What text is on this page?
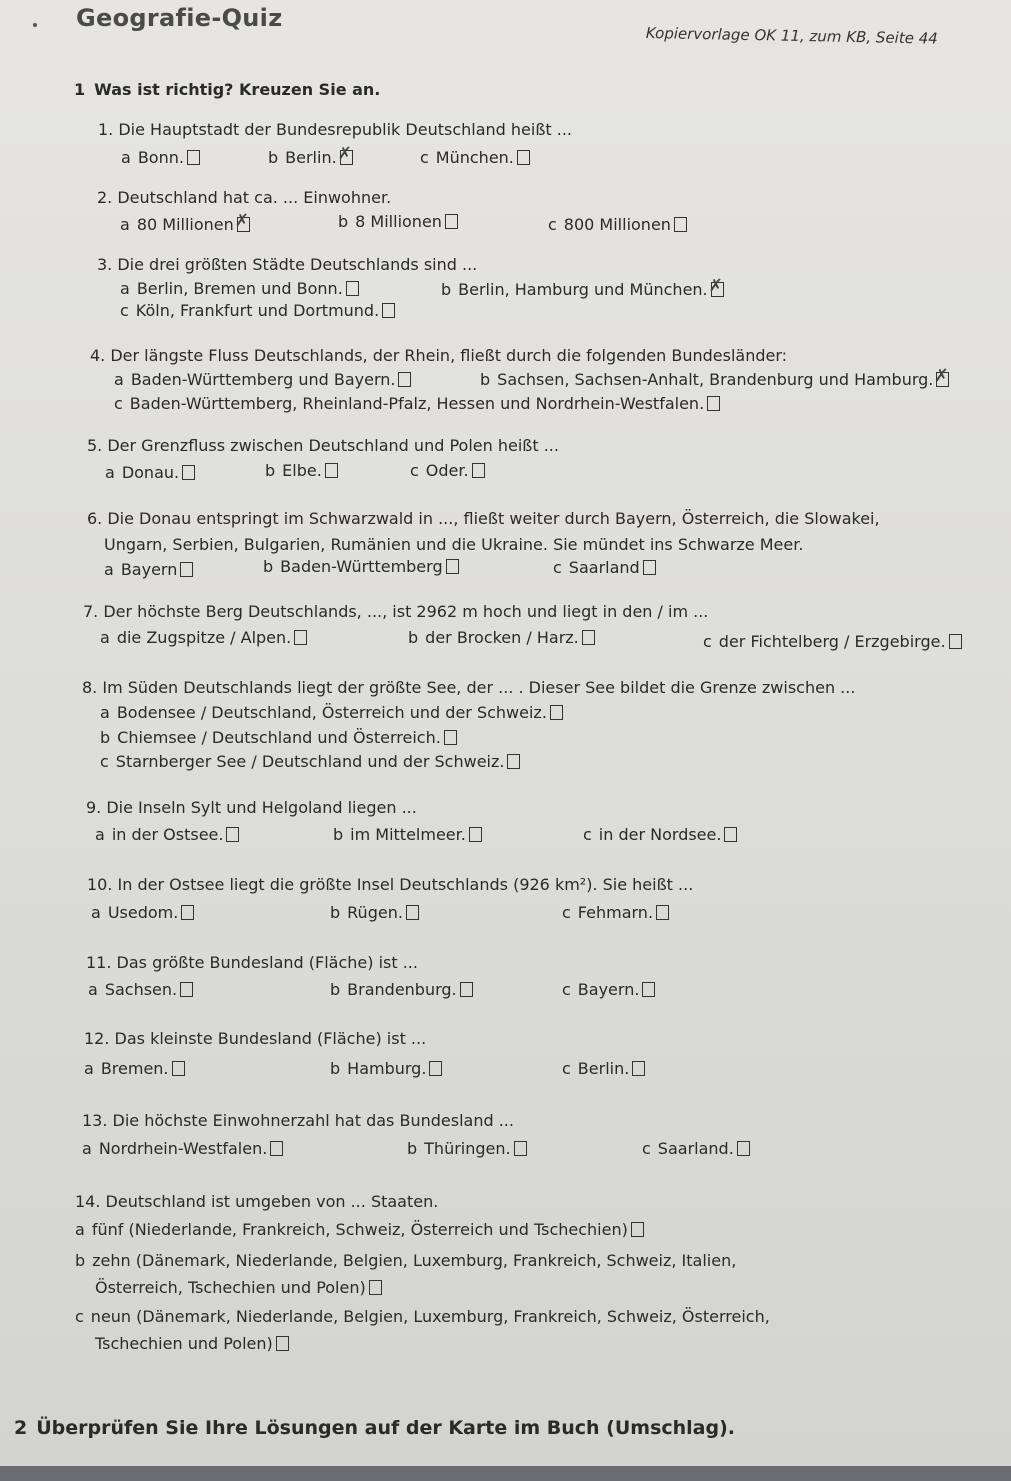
Geografie-Quiz
Kopiervorlage OK 11, zum KB, Seite 44
1 Was ist richtig? Kreuzen Sie an.
1. Die Hauptstadt der Bundesrepublik Deutschland heißt ...
a Bonn.	b Berlin. ✗	c München.
2. Deutschland hat ca. ... Einwohner.
a 80 Millionen ✗	b 8 Millionen	c 800 Millionen
3. Die drei größten Städte Deutschlands sind ...
a Berlin, Bremen und Bonn.	b Berlin, Hamburg und München.✗
c Köln, Frankfurt und Dortmund.
4. Der längste Fluss Deutschlands, der Rhein, fließt durch die folgenden Bundesländer:
a Baden-Württemberg und Bayern.	b Sachsen, Sachsen-Anhalt, Brandenburg und Hamburg.✗
c Baden-Württemberg, Rheinland-Pfalz, Hessen und Nordrhein-Westfalen.
5. Der Grenzfluss zwischen Deutschland und Polen heißt ...
a Donau.	b Elbe.	c Oder.
6. Die Donau entspringt im Schwarzwald in ..., fließt weiter durch Bayern, Österreich, die Slowakei,
Ungarn, Serbien, Bulgarien, Rumänien und die Ukraine. Sie mündet ins Schwarze Meer.
a Bayern	b Baden-Württemberg	c Saarland
7. Der höchste Berg Deutschlands, ..., ist 2962 m hoch und liegt in den / im ...
a die Zugspitze / Alpen.	b der Brocken / Harz.	c der Fichtelberg / Erzgebirge.
8. Im Süden Deutschlands liegt der größte See, der ... . Dieser See bildet die Grenze zwischen ...
a Bodensee / Deutschland, Österreich und der Schweiz.
b Chiemsee / Deutschland und Österreich.
c Starnberger See / Deutschland und der Schweiz.
9. Die Inseln Sylt und Helgoland liegen ...
a in der Ostsee.	b im Mittelmeer.	c in der Nordsee.
10. In der Ostsee liegt die größte Insel Deutschlands (926 km²). Sie heißt ...
a Usedom.	b Rügen.	c Fehmarn.
11. Das größte Bundesland (Fläche) ist ...
a Sachsen.	b Brandenburg.	c Bayern.
12. Das kleinste Bundesland (Fläche) ist ...
a Bremen.	b Hamburg.	c Berlin.
13. Die höchste Einwohnerzahl hat das Bundesland ...
a Nordrhein-Westfalen.	b Thüringen.	c Saarland.
14. Deutschland ist umgeben von ... Staaten.
a fünf (Niederlande, Frankreich, Schweiz, Österreich und Tschechien)
b zehn (Dänemark, Niederlande, Belgien, Luxemburg, Frankreich, Schweiz, Italien,
Österreich, Tschechien und Polen)
c neun (Dänemark, Niederlande, Belgien, Luxemburg, Frankreich, Schweiz, Österreich,
Tschechien und Polen)
2 Überprüfen Sie Ihre Lösungen auf der Karte im Buch (Umschlag).
